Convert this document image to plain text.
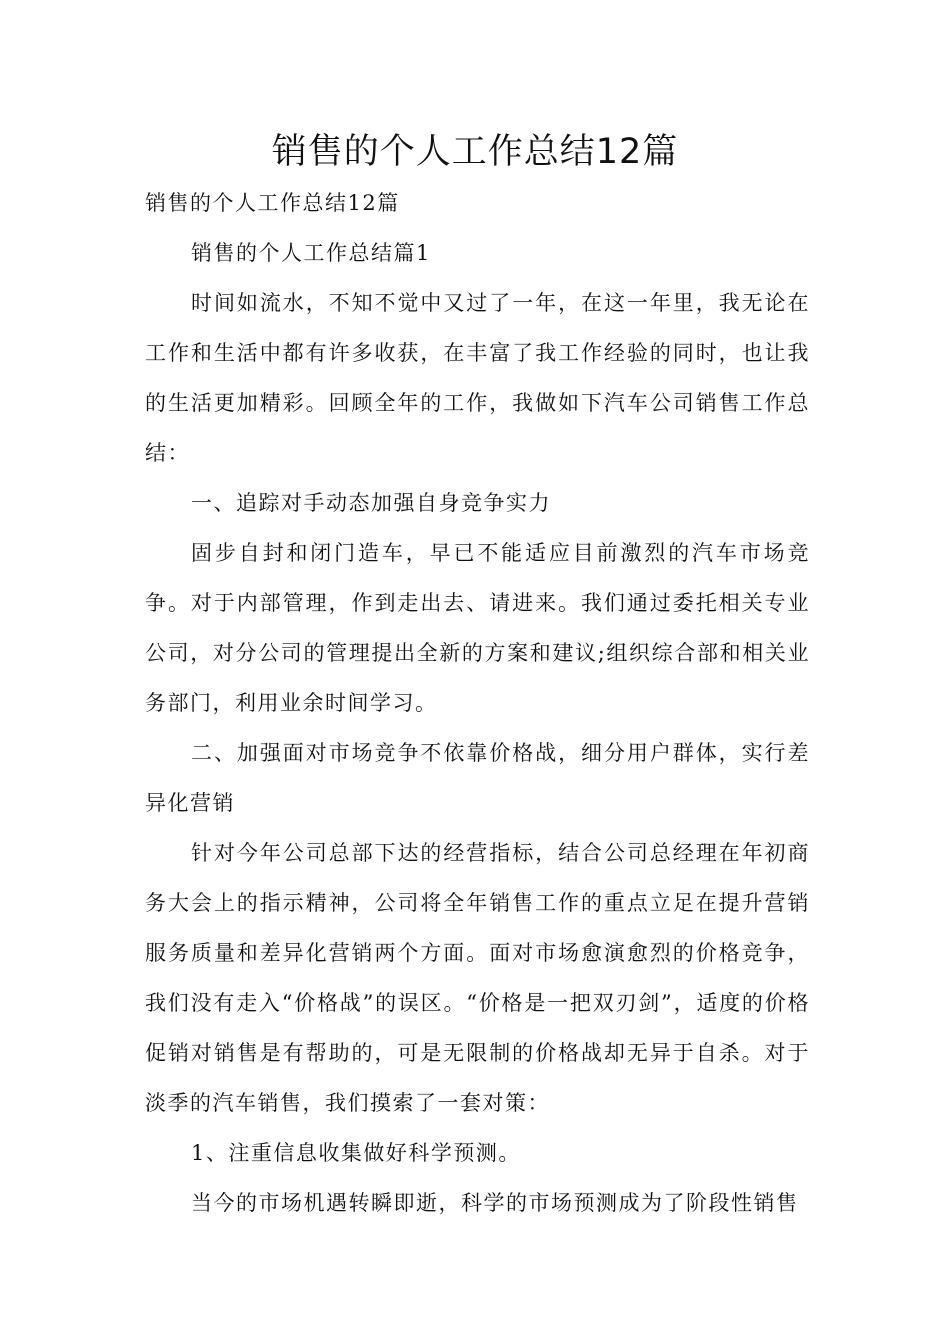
销售的个人工作总结12篇

销售的个人工作总结12篇

销售的个人工作总结篇1

时间如流水，不知不觉中又过了一年，在这一年里，我无论在工作和生活中都有许多收获，在丰富了我工作经验的同时，也让我的生活更加精彩。回顾全年的工作，我做如下汽车公司销售工作总结：

一、追踪对手动态加强自身竞争实力

固步自封和闭门造车，早已不能适应目前激烈的汽车市场竞争。对于内部管理，作到走出去、请进来。我们通过委托相关专业公司，对分公司的管理提出全新的方案和建议;组织综合部和相关业务部门，利用业余时间学习。

二、加强面对市场竞争不依靠价格战，细分用户群体，实行差异化营销

针对今年公司总部下达的经营指标，结合公司总经理在年初商务大会上的指示精神，公司将全年销售工作的重点立足在提升营销服务质量和差异化营销两个方面。面对市场愈演愈烈的价格竞争，我们没有走入“价格战”的误区。“价格是一把双刃剑”，适度的价格促销对销售是有帮助的，可是无限制的价格战却无异于自杀。对于淡季的汽车销售，我们摸索了一套对策：

1、注重信息收集做好科学预测。

当今的市场机遇转瞬即逝，科学的市场预测成为了阶段性销售
